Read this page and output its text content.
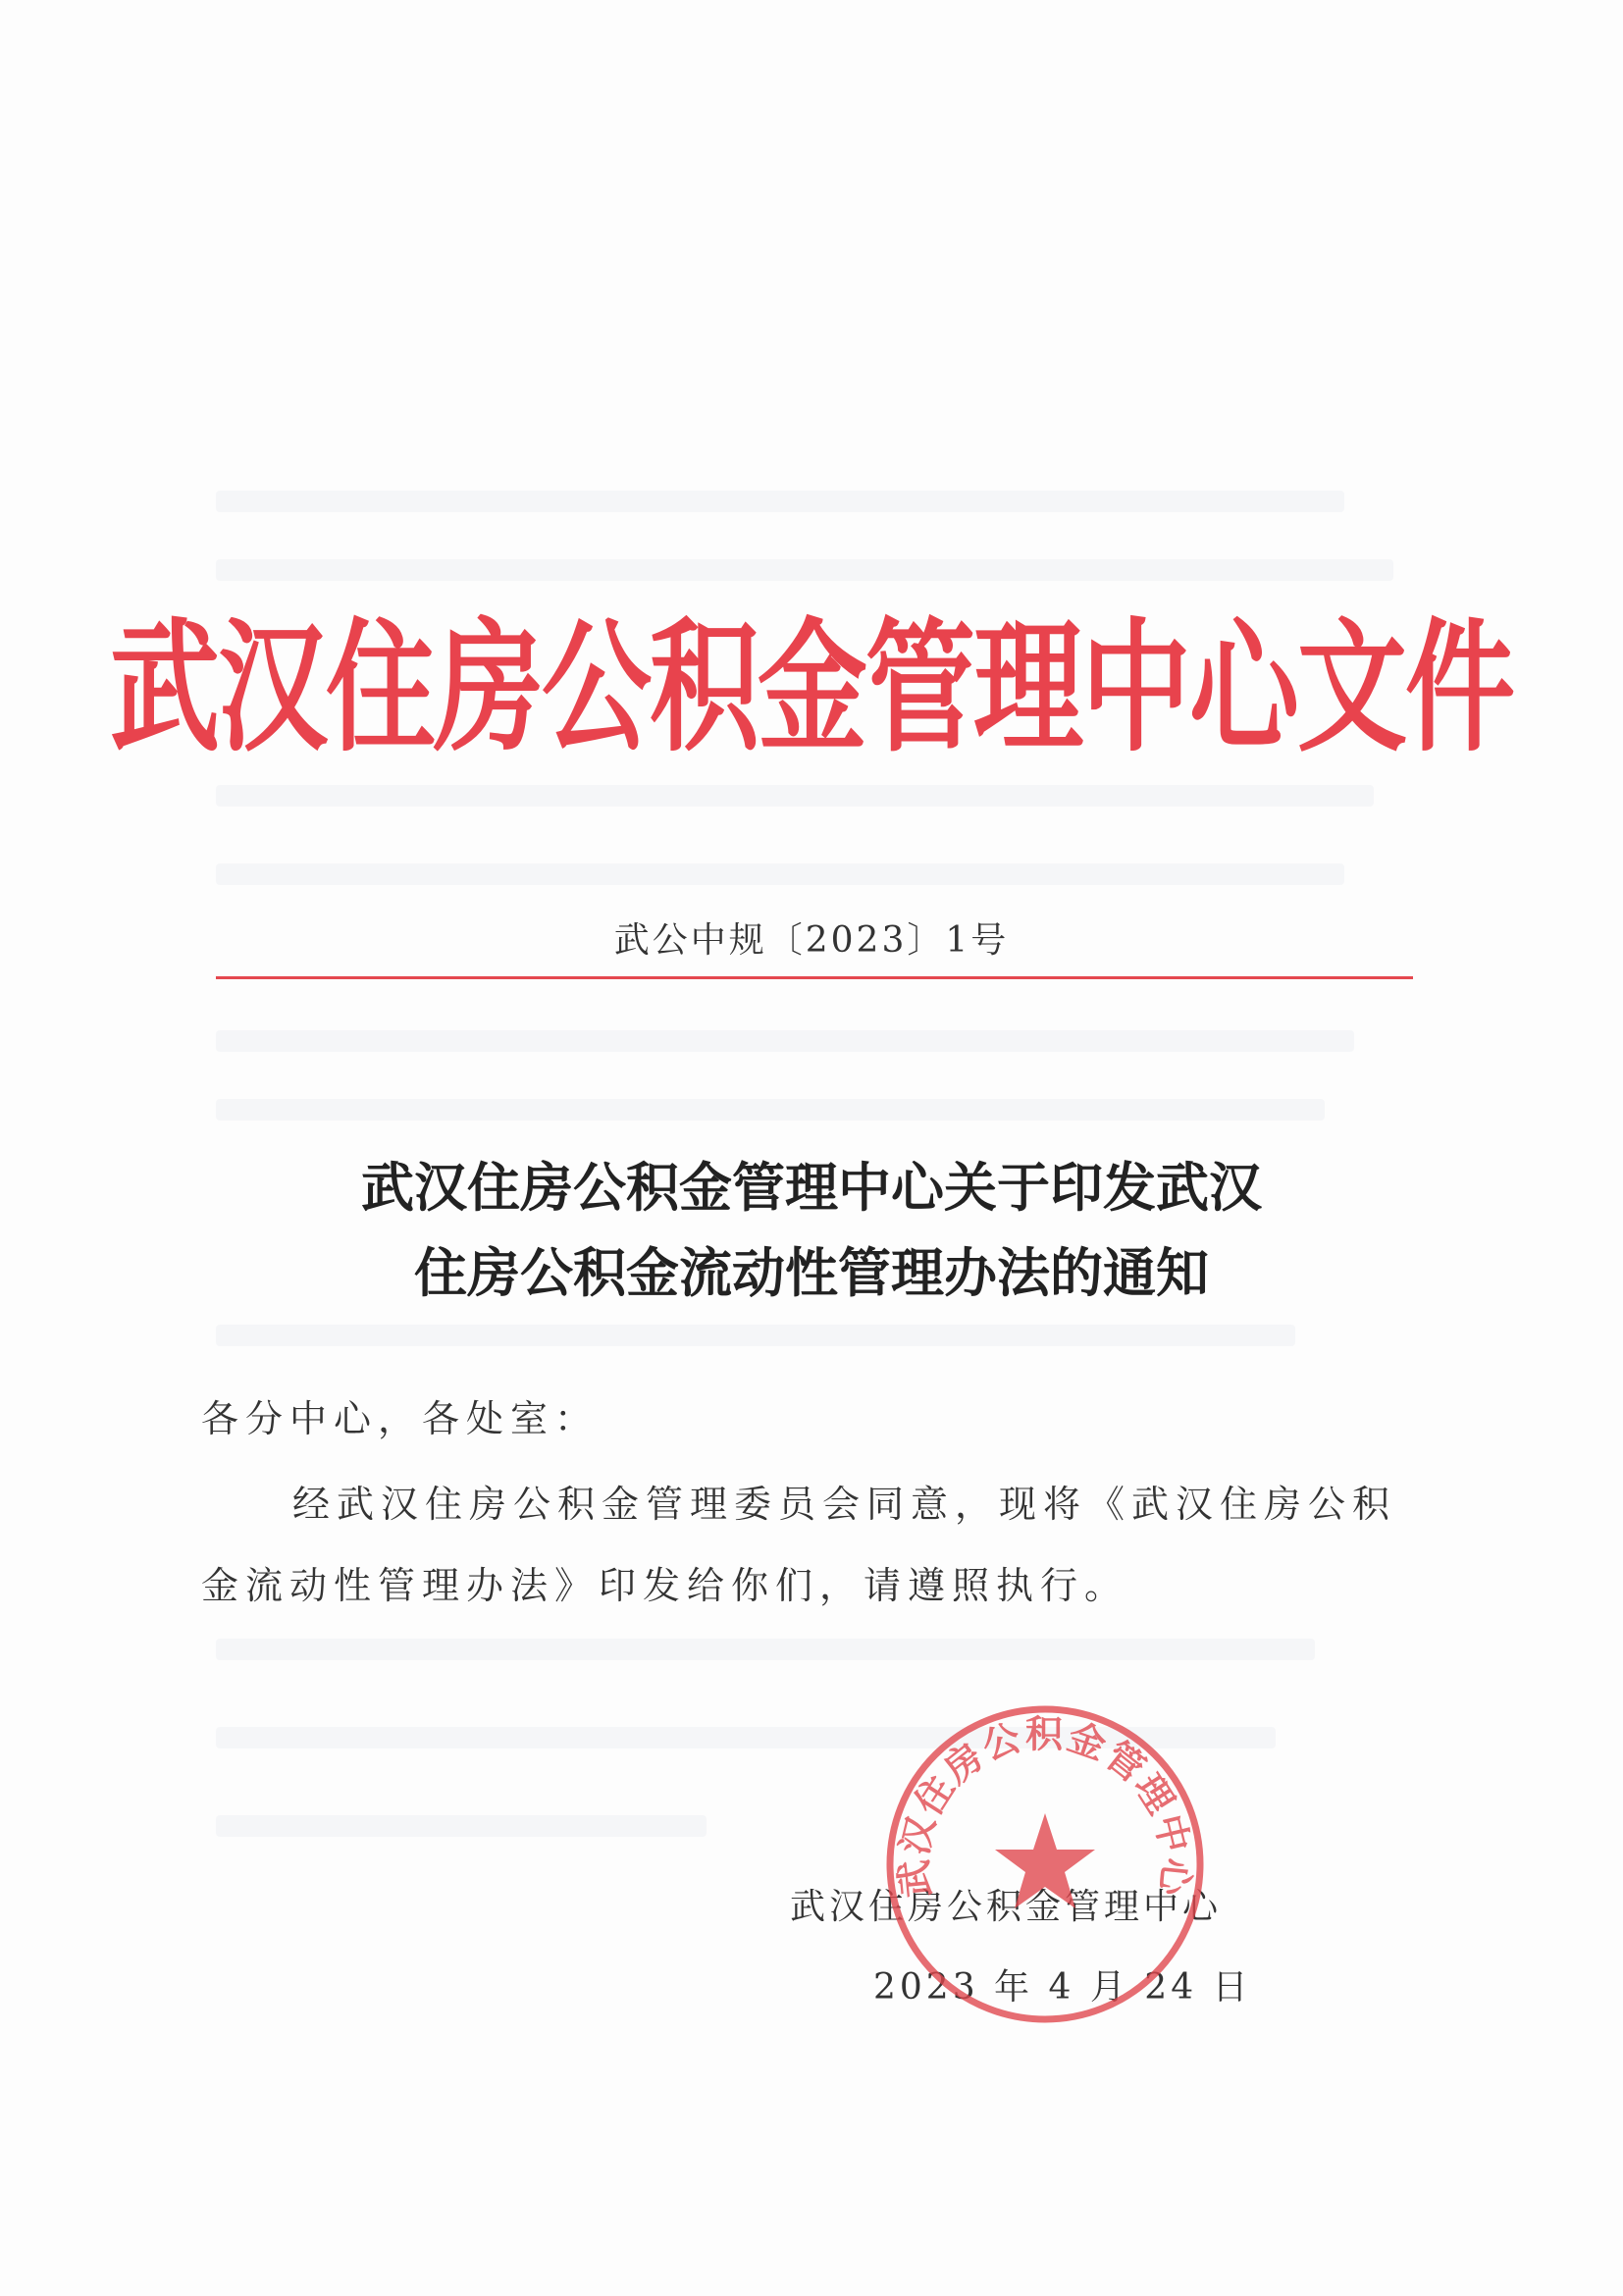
武汉住房公积金管理中心文件
武公中规〔2023〕1号
武汉住房公积金管理中心关于印发武汉
住房公积金流动性管理办法的通知
各分中心，各处室：
经武汉住房公积金管理委员会同意，现将《武汉住房公积
金流动性管理办法》印发给你们，请遵照执行。
武汉住房公积金管理中心
2023 年 4 月 24 日
武汉住房公积金管理中心
